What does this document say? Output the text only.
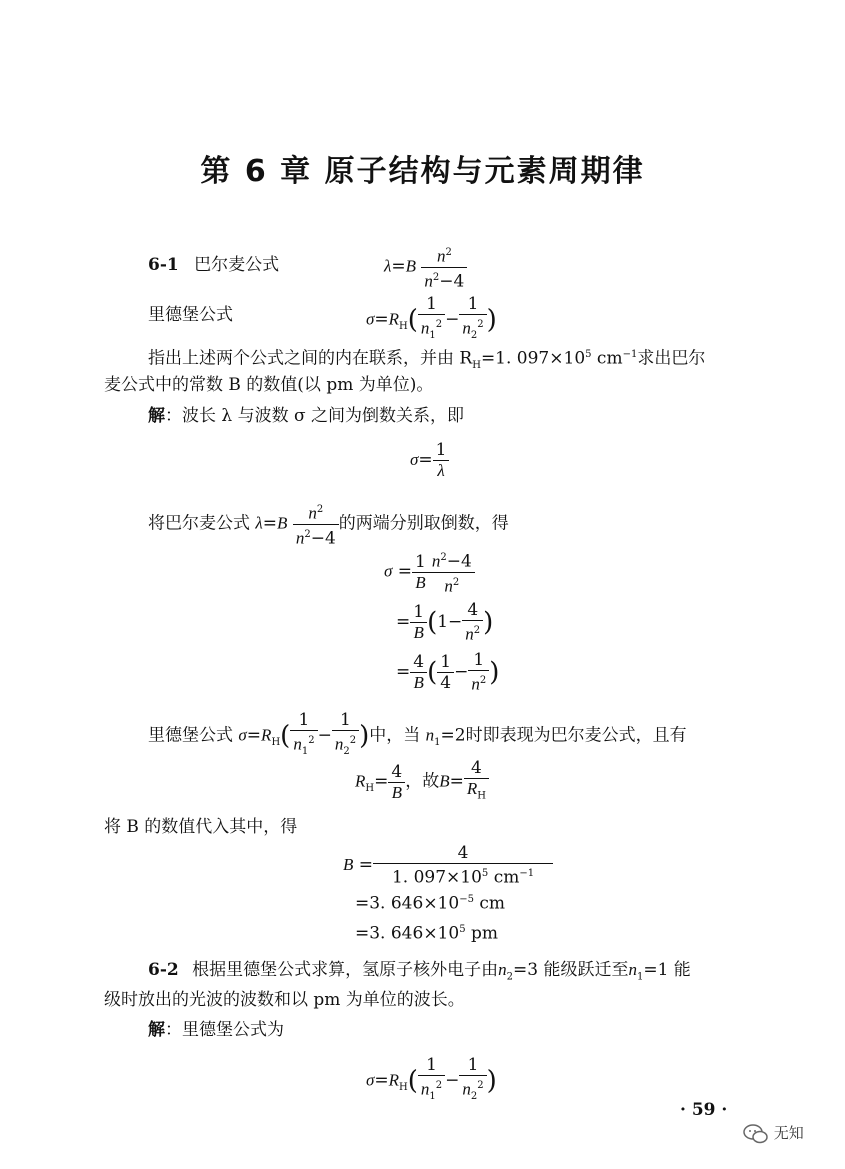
第 6 章 原子结构与元素周期律
6-1 巴尔麦公式	$\lambda=B \frac{n^2}{n^2-4}$
里德堡公式	$\sigma=R_H( \frac{1}{n_1^2} - \frac{1}{n_2^2}$ )
指出上述两个公式之间的内在联系，并由 $R_H=1$. $097\times 10^5$ $cm^{-1}$求出巴尔
麦公式中的常数 B 的数值(以 pm 为单位)。
解：波长 λ 与波数 σ 之间为倒数关系，即
$\sigma= \frac{1}{\lambda}$
将巴尔麦公式 $\lambda=B \frac{n^2}{n^2-4}$ 的两端分别取倒数，得
$\sigma = \frac{1}{B} \frac{n^2-4}{n^2}$
= $\frac{1}{B} (1- \frac{4}{n^2}$ )
= $\frac{4}{B}$ ( $\frac{1}{4} - \frac{1}{n^2}$ )
里德堡公式 $\sigma=R_H( \frac{1}{n_1^2} - \frac{1}{n_2^2}$ )中，当 $n_1=2$时即表现为巴尔麦公式，且有
$R_H= \frac{4}{B}$ ，故$B= \frac{4}{R_H}$
将 B 的数值代入其中，得
$B = \frac{4}{1. 097\times 10^5 cm^{-1}}$
=3. $646\times 10^{-5}$ cm
=3. $646\times 10^5$ pm
6-2 根据里德堡公式求算，氢原子核外电子由$n_2=3$ 能级跃迁至$n_1=1$ 能
级时放出的光波的波数和以 pm 为单位的波长。
解：里德堡公式为
$\sigma=R_H( \frac{1}{n_1^2} - \frac{1}{n_2^2}$ )
· 59 ·
无知
